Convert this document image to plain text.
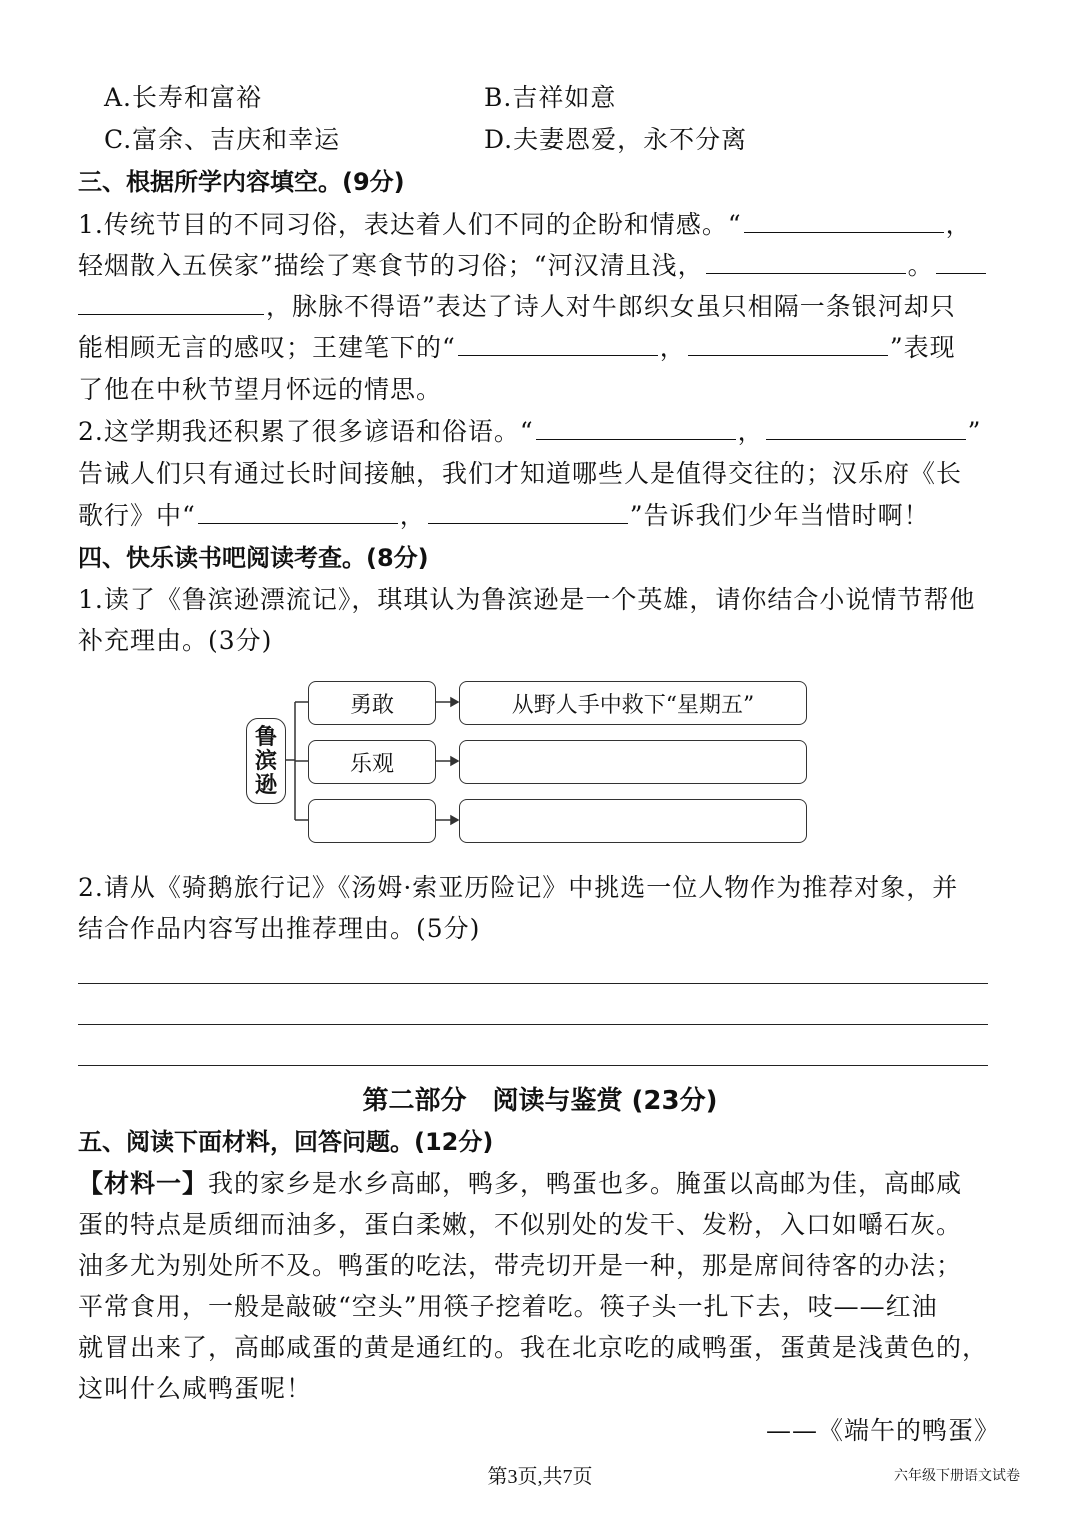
A.长寿和富裕	B.吉祥如意
C.富余、吉庆和幸运	D.夫妻恩爱，永不分离
三、根据所学内容填空。(9分)
1.传统节目的不同习俗，表达着人们不同的企盼和情感。“	，
轻烟散入五侯家”描绘了寒食节的习俗；“河汉清且浅，	。
，脉脉不得语”表达了诗人对牛郎织女虽只相隔一条银河却只
能相顾无言的感叹；王建笔下的“	，	”表现
了他在中秋节望月怀远的情思。
2.这学期我还积累了很多谚语和俗语。“	，	”
告诫人们只有通过长时间接触，我们才知道哪些人是值得交往的；汉乐府《长
歌行》中“	，	”告诉我们少年当惜时啊！
四、快乐读书吧阅读考查。(8分)
1.读了《鲁滨逊漂流记》，琪琪认为鲁滨逊是一个英雄，请你结合小说情节帮他
补充理由。(3分)
鲁
滨
逊
勇敢
乐观
从野人手中救下“星期五”
2.请从《骑鹅旅行记》《汤姆·索亚历险记》中挑选一位人物作为推荐对象，并
结合作品内容写出推荐理由。(5分)
第二部分　阅读与鉴赏 (23分)
五、阅读下面材料，回答问题。(12分)
【材料一】我的家乡是水乡高邮，鸭多，鸭蛋也多。腌蛋以高邮为佳，高邮咸
蛋的特点是质细而油多，蛋白柔嫩，不似别处的发干、发粉，入口如嚼石灰。
油多尤为别处所不及。鸭蛋的吃法，带壳切开是一种，那是席间待客的办法；
平常食用，一般是敲破“空头”用筷子挖着吃。筷子头一扎下去，吱——红油
就冒出来了，高邮咸蛋的黄是通红的。我在北京吃的咸鸭蛋，蛋黄是浅黄色的，
这叫什么咸鸭蛋呢！
——《端午的鸭蛋》
第3页,共7页	六年级下册语文试卷
